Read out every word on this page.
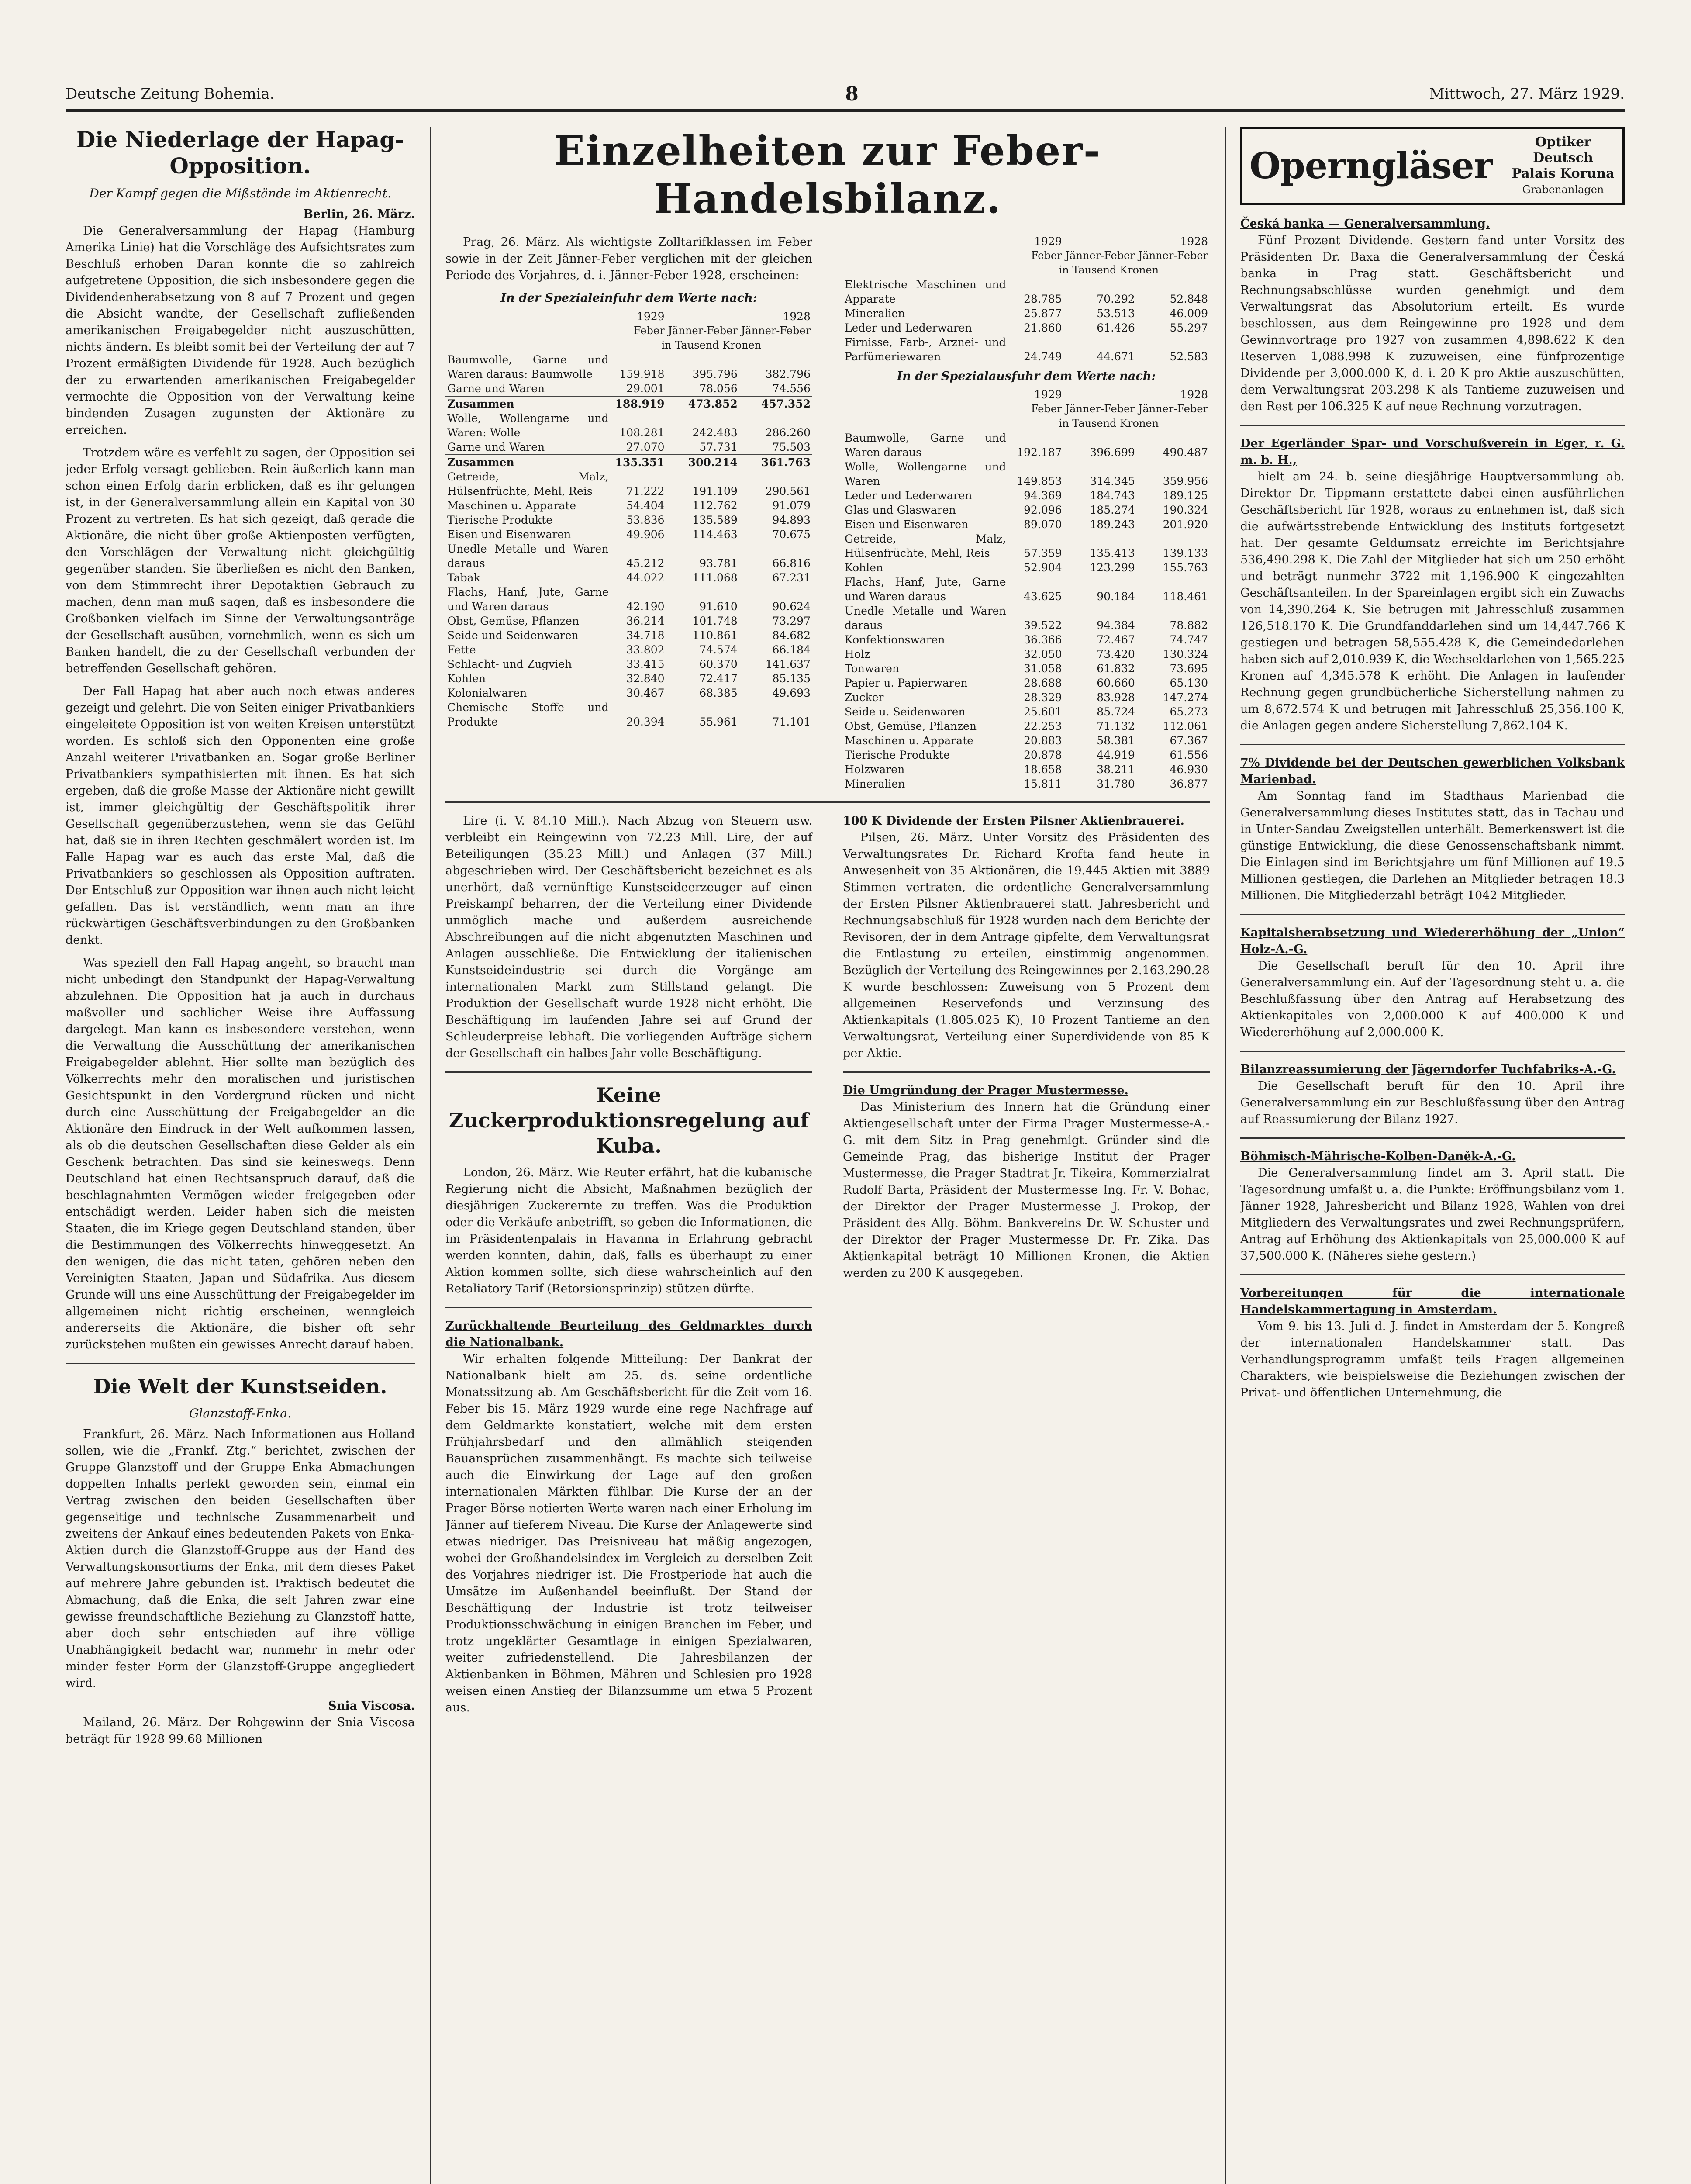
Deutsche Zeitung Bohemia.	8	Mittwoch, 27. März 1929.
Die Niederlage der Hapag-Opposition.
Der Kampf gegen die Mißstände im Aktienrecht.
Berlin, 26. März.

Die Generalversammlung der Hapag (Hamburg Amerika Linie) hat die Vorschläge des Aufsichtsrates zum Beschluß erhoben Daran konnte die so zahlreich aufgetretene Opposition, die sich insbesondere gegen die Dividendenherabsetzung von 8 auf 7 Prozent und gegen die Absicht wandte, der Gesellschaft zufließenden amerikanischen Freigabegelder nicht auszuschütten, nichts ändern. Es bleibt somit bei der Verteilung der auf 7 Prozent ermäßigten Dividende für 1928. Auch bezüglich der zu erwartenden amerikanischen Freigabegelder vermochte die Opposition von der Verwaltung keine bindenden Zusagen zugunsten der Aktionäre zu erreichen.

Trotzdem wäre es verfehlt zu sagen, der Opposition sei jeder Erfolg versagt geblieben. Rein äußerlich kann man schon einen Erfolg darin erblicken, daß es ihr gelungen ist, in der Generalversammlung allein ein Kapital von 30 Prozent zu vertreten. Es hat sich gezeigt, daß gerade die Aktionäre, die nicht über große Aktienposten verfügten, den Vorschlägen der Verwaltung nicht gleichgültig gegenüber standen. Sie überließen es nicht den Banken, von dem Stimmrecht ihrer Depotaktien Gebrauch zu machen, denn man muß sagen, daß es insbesondere die Großbanken vielfach im Sinne der Verwaltungsanträge der Gesellschaft ausüben, vornehmlich, wenn es sich um Banken handelt, die zu der Gesellschaft verbunden der betreffenden Gesellschaft gehören.

Der Fall Hapag hat aber auch noch etwas anderes gezeigt und gelehrt. Die von Seiten einiger Privatbankiers eingeleitete Opposition ist von weiten Kreisen unterstützt worden. Es schloß sich den Opponenten eine große Anzahl weiterer Privatbanken an. Sogar große Berliner Privatbankiers sympathisierten mit ihnen. Es hat sich ergeben, daß die große Masse der Aktionäre nicht gewillt ist, immer gleichgültig der Geschäftspolitik ihrer Gesellschaft gegenüberzustehen, wenn sie das Gefühl hat, daß sie in ihren Rechten geschmälert worden ist. Im Falle Hapag war es auch das erste Mal, daß die Privatbankiers so geschlossen als Opposition auftraten. Der Entschluß zur Opposition war ihnen auch nicht leicht gefallen. Das ist verständlich, wenn man an ihre rückwärtigen Geschäftsverbindungen zu den Großbanken denkt.

Was speziell den Fall Hapag angeht, so braucht man nicht unbedingt den Standpunkt der Hapag-Verwaltung abzulehnen. Die Opposition hat ja auch in durchaus maßvoller und sachlicher Weise ihre Auffassung dargelegt. Man kann es insbesondere verstehen, wenn die Verwaltung die Ausschüttung der amerikanischen Freigabegelder ablehnt. Hier sollte man bezüglich des Völkerrechts mehr den moralischen und juristischen Gesichtspunkt in den Vordergrund rücken und nicht durch eine Ausschüttung der Freigabegelder an die Aktionäre den Eindruck in der Welt aufkommen lassen, als ob die deutschen Gesellschaften diese Gelder als ein Geschenk betrachten. Das sind sie keineswegs. Denn Deutschland hat einen Rechtsanspruch darauf, daß die beschlagnahmten Vermögen wieder freigegeben oder entschädigt werden. Leider haben sich die meisten Staaten, die im Kriege gegen Deutschland standen, über die Bestimmungen des Völkerrechts hinweggesetzt. An den wenigen, die das nicht taten, gehören neben den Vereinigten Staaten, Japan und Südafrika. Aus diesem Grunde will uns eine Ausschüttung der Freigabegelder im allgemeinen nicht richtig erscheinen, wenngleich andererseits die Aktionäre, die bisher oft sehr zurückstehen mußten ein gewisses Anrecht darauf haben.

Die Welt der Kunstseiden.
Glanzstoff-Enka.

Frankfurt, 26. März. Nach Informationen aus Holland sollen, wie die „Frankf. Ztg.“ berichtet, zwischen der Gruppe Glanzstoff und der Gruppe Enka Abmachungen doppelten Inhalts perfekt geworden sein, einmal ein Vertrag zwischen den beiden Gesellschaften über gegenseitige und technische Zusammenarbeit und zweitens der Ankauf eines bedeutenden Pakets von Enka-Aktien durch die Glanzstoff-Gruppe aus der Hand des Verwaltungskonsortiums der Enka, mit dem dieses Paket auf mehrere Jahre gebunden ist. Praktisch bedeutet die Abmachung, daß die Enka, die seit Jahren zwar eine gewisse freundschaftliche Beziehung zu Glanzstoff hatte, aber doch sehr entschieden auf ihre völlige Unabhängigkeit bedacht war, nunmehr in mehr oder minder fester Form der Glanzstoff-Gruppe angegliedert wird.

Snia Viscosa.

Mailand, 26. März. Der Rohgewinn der Snia Viscosa beträgt für 1928 99.68 Millionen

Einzelheiten zur Feber-Handelsbilanz.

Prag, 26. März. Als wichtigste Zolltarifklassen im Feber sowie in der Zeit Jänner-Feber verglichen mit der gleichen Periode des Vorjahres, d. i. Jänner-Feber 1928, erscheinen:

In der Spezialeinfuhr dem Werte nach:
	1929		1928
	Feber	Jänner-Feber	Jänner-Feber
	in Tausend Kronen		
Baumwolle, Garne und Waren daraus: Baumwolle	159.918	395.796	382.796
Garne und Waren	29.001	78.056	74.556
Zusammen	188.919	473.852	457.352
Wolle, Wollengarne und Waren: Wolle	108.281	242.483	286.260
Garne und Waren	27.070	57.731	75.503
Zusammen	135.351	300.214	361.763
Getreide, Malz, Hülsenfrüchte, Mehl, Reis	71.222	191.109	290.561
Maschinen u. Apparate	54.404	112.762	91.079
Tierische Produkte	53.836	135.589	94.893
Eisen und Eisenwaren	49.906	114.463	70.675
Unedle Metalle und Waren daraus	45.212	93.781	66.816
Tabak	44.022	111.068	67.231
Flachs, Hanf, Jute, Garne und Waren daraus	42.190	91.610	90.624
Obst, Gemüse, Pflanzen	36.214	101.748	73.297
Seide und Seidenwaren	34.718	110.861	84.682
Fette	33.802	74.574	66.184
Schlacht- und Zugvieh	33.415	60.370	141.637
Kohlen	32.840	72.417	85.135
Kolonialwaren	30.467	68.385	49.693
Chemische Stoffe und Produkte	20.394	55.961	71.101
	1929		1928
	Feber	Jänner-Feber	Jänner-Feber
	in Tausend Kronen		
Elektrische Maschinen und Apparate	28.785	70.292	52.848
Mineralien	25.877	53.513	46.009
Leder und Lederwaren	21.860	61.426	55.297
Firnisse, Farb-, Arznei- und Parfümeriewaren	24.749	44.671	52.583
In der Spezialausfuhr dem Werte nach:
	1929		1928
	Feber	Jänner-Feber	Jänner-Feber
	in Tausend Kronen		
Baumwolle, Garne und Waren daraus	192.187	396.699	490.487
Wolle, Wollengarne und Waren	149.853	314.345	359.956
Leder und Lederwaren	94.369	184.743	189.125
Glas und Glaswaren	92.096	185.274	190.324
Eisen und Eisenwaren	89.070	189.243	201.920
Getreide, Malz, Hülsenfrüchte, Mehl, Reis	57.359	135.413	139.133
Kohlen	52.904	123.299	155.763
Flachs, Hanf, Jute, Garne und Waren daraus	43.625	90.184	118.461
Unedle Metalle und Waren daraus	39.522	94.384	78.882
Konfektionswaren	36.366	72.467	74.747
Holz	32.050	73.420	130.324
Tonwaren	31.058	61.832	73.695
Papier u. Papierwaren	28.688	60.660	65.130
Zucker	28.329	83.928	147.274
Seide u. Seidenwaren	25.601	85.724	65.273
Obst, Gemüse, Pflanzen	22.253	71.132	112.061
Maschinen u. Apparate	20.883	58.381	67.367
Tierische Produkte	20.878	44.919	61.556
Holzwaren	18.658	38.211	46.930
Mineralien	15.811	31.780	36.877

Lire (i. V. 84.10 Mill.). Nach Abzug von Steuern usw. verbleibt ein Reingewinn von 72.23 Mill. Lire, der auf Beteiligungen (35.23 Mill.) und Anlagen (37 Mill.) abgeschrieben wird. Der Geschäftsbericht bezeichnet es als unerhört, daß vernünftige Kunstseideerzeuger auf einen Preiskampf beharren, der die Verteilung einer Dividende unmöglich mache und außerdem ausreichende Abschreibungen auf die nicht abgenutzten Maschinen und Anlagen ausschließe. Die Entwicklung der italienischen Kunstseideindustrie sei durch die Vorgänge am internationalen Markt zum Stillstand gelangt. Die Produktion der Gesellschaft wurde 1928 nicht erhöht. Die Beschäftigung im laufenden Jahre sei auf Grund der Schleuderpreise lebhaft. Die vorliegenden Aufträge sichern der Gesellschaft ein halbes Jahr volle Beschäftigung.

Keine Zuckerproduktionsregelung auf Kuba.

London, 26. März. Wie Reuter erfährt, hat die kubanische Regierung nicht die Absicht, Maßnahmen bezüglich der diesjährigen Zuckerernte zu treffen. Was die Produktion oder die Verkäufe anbetrifft, so geben die Informationen, die im Präsidentenpalais in Havanna in Erfahrung gebracht werden konnten, dahin, daß, falls es überhaupt zu einer Aktion kommen sollte, sich diese wahrscheinlich auf den Retaliatory Tarif (Retorsionsprinzip) stützen dürfte.

Zurückhaltende Beurteilung des Geldmarktes durch die Nationalbank.

Wir erhalten folgende Mitteilung: Der Bankrat der Nationalbank hielt am 25. ds. seine ordentliche Monatssitzung ab. Am Geschäftsbericht für die Zeit vom 16. Feber bis 15. März 1929 wurde eine rege Nachfrage auf dem Geldmarkte konstatiert, welche mit dem ersten Frühjahrsbedarf und den allmählich steigenden Bauansprüchen zusammenhängt. Es machte sich teilweise auch die Einwirkung der Lage auf den großen internationalen Märkten fühlbar. Die Kurse der an der Prager Börse notierten Werte waren nach einer Erholung im Jänner auf tieferem Niveau. Die Kurse der Anlagewerte sind etwas niedriger. Das Preisniveau hat mäßig angezogen, wobei der Großhandelsindex im Vergleich zu derselben Zeit des Vorjahres niedriger ist. Die Frostperiode hat auch die Umsätze im Außenhandel beeinflußt. Der Stand der Beschäftigung der Industrie ist trotz teilweiser Produktionsschwächung in einigen Branchen im Feber, und trotz ungeklärter Gesamtlage in einigen Spezialwaren, weiter zufriedenstellend. Die Jahresbilanzen der Aktienbanken in Böhmen, Mähren und Schlesien pro 1928 weisen einen Anstieg der Bilanzsumme um etwa 5 Prozent aus.

100 K Dividende der Ersten Pilsner Aktienbrauerei.

Pilsen, 26. März. Unter Vorsitz des Präsidenten des Verwaltungsrates Dr. Richard Krofta fand heute in Anwesenheit von 35 Aktionären, die 19.445 Aktien mit 3889 Stimmen vertraten, die ordentliche Generalversammlung der Ersten Pilsner Aktienbrauerei statt. Jahresbericht und Rechnungsabschluß für 1928 wurden nach dem Berichte der Revisoren, der in dem Antrage gipfelte, dem Verwaltungsrat die Entlastung zu erteilen, einstimmig angenommen. Bezüglich der Verteilung des Reingewinnes per 2.163.290.28 K wurde beschlossen: Zuweisung von 5 Prozent dem allgemeinen Reservefonds und Verzinsung des Aktienkapitals (1.805.025 K), 10 Prozent Tantieme an den Verwaltungsrat, Verteilung einer Superdividende von 85 K per Aktie.

Die Umgründung der Prager Mustermesse.

Das Ministerium des Innern hat die Gründung einer Aktiengesellschaft unter der Firma Prager Mustermesse-A.-G. mit dem Sitz in Prag genehmigt. Gründer sind die Gemeinde Prag, das bisherige Institut der Prager Mustermesse, die Prager Stadtrat Jr. Tikeira, Kommerzialrat Rudolf Barta, Präsident der Mustermesse Ing. Fr. V. Bohac, der Direktor der Prager Mustermesse J. Prokop, der Präsident des Allg. Böhm. Bankvereins Dr. W. Schuster und der Direktor der Prager Mustermesse Dr. Fr. Zika. Das Aktienkapital beträgt 10 Millionen Kronen, die Aktien werden zu 200 K ausgegeben.

Operngläser
Optiker Deutsch
Palais Koruna
Grabenanlagen
Česká banka — Generalversammlung.

Fünf Prozent Dividende. Gestern fand unter Vorsitz des Präsidenten Dr. Baxa die Generalversammlung der Česká banka in Prag statt. Geschäftsbericht und Rechnungsabschlüsse wurden genehmigt und dem Verwaltungsrat das Absolutorium erteilt. Es wurde beschlossen, aus dem Reingewinne pro 1928 und dem Gewinnvortrage pro 1927 von zusammen 4,898.622 K den Reserven 1,088.998 K zuzuweisen, eine fünfprozentige Dividende per 3,000.000 K, d. i. 20 K pro Aktie auszuschütten, dem Verwaltungsrat 203.298 K als Tantieme zuzuweisen und den Rest per 106.325 K auf neue Rechnung vorzutragen.

Der Egerländer Spar- und Vorschußverein in Eger, r. G. m. b. H.,

hielt am 24. b. seine diesjährige Hauptversammlung ab. Direktor Dr. Tippmann erstattete dabei einen ausführlichen Geschäftsbericht für 1928, woraus zu entnehmen ist, daß sich die aufwärtsstrebende Entwicklung des Instituts fortgesetzt hat. Der gesamte Geldumsatz erreichte im Berichtsjahre 536,490.298 K. Die Zahl der Mitglieder hat sich um 250 erhöht und beträgt nunmehr 3722 mit 1,196.900 K eingezahlten Geschäftsanteilen. In der Spareinlagen ergibt sich ein Zuwachs von 14,390.264 K. Sie betrugen mit Jahresschluß zusammen 126,518.170 K. Die Grundfanddarlehen sind um 14,447.766 K gestiegen und betragen 58,555.428 K, die Gemeindedarlehen haben sich auf 2,010.939 K, die Wechseldarlehen von 1,565.225 Kronen auf 4,345.578 K erhöht. Die Anlagen in laufender Rechnung gegen grundbücherliche Sicherstellung nahmen zu um 8,672.574 K und betrugen mit Jahresschluß 25,356.100 K, die Anlagen gegen andere Sicherstellung 7,862.104 K.

7% Dividende bei der Deutschen gewerblichen Volksbank Marienbad.

Am Sonntag fand im Stadthaus Marienbad die Generalversammlung dieses Institutes statt, das in Tachau und in Unter-Sandau Zweigstellen unterhält. Bemerkenswert ist die günstige Entwicklung, die diese Genossenschaftsbank nimmt. Die Einlagen sind im Berichtsjahre um fünf Millionen auf 19.5 Millionen gestiegen, die Darlehen an Mitglieder betragen 18.3 Millionen. Die Mitgliederzahl beträgt 1042 Mitglieder.

Kapitalsherabsetzung und Wiedererhöhung der „Union“ Holz-A.-G.

Die Gesellschaft beruft für den 10. April ihre Generalversammlung ein. Auf der Tagesordnung steht u. a. die Beschlußfassung über den Antrag auf Herabsetzung des Aktienkapitales von 2,000.000 K auf 400.000 K und Wiedererhöhung auf 2,000.000 K.

Bilanzreassumierung der Jägerndorfer Tuchfabriks-A.-G.

Die Gesellschaft beruft für den 10. April ihre Generalversammlung ein zur Beschlußfassung über den Antrag auf Reassumierung der Bilanz 1927.

Böhmisch-Mährische-Kolben-Daněk-A.-G.

Die Generalversammlung findet am 3. April statt. Die Tagesordnung umfaßt u. a. die Punkte: Eröffnungsbilanz vom 1. Jänner 1928, Jahresbericht und Bilanz 1928, Wahlen von drei Mitgliedern des Verwaltungsrates und zwei Rechnungsprüfern, Antrag auf Erhöhung des Aktienkapitals von 25,000.000 K auf 37,500.000 K. (Näheres siehe gestern.)

Vorbereitungen für die internationale Handelskammertagung in Amsterdam.

Vom 9. bis 13. Juli d. J. findet in Amsterdam der 5. Kongreß der internationalen Handelskammer statt. Das Verhandlungsprogramm umfaßt teils Fragen allgemeinen Charakters, wie beispielsweise die Beziehungen zwischen der Privat- und öffentlichen Unternehmung, die
